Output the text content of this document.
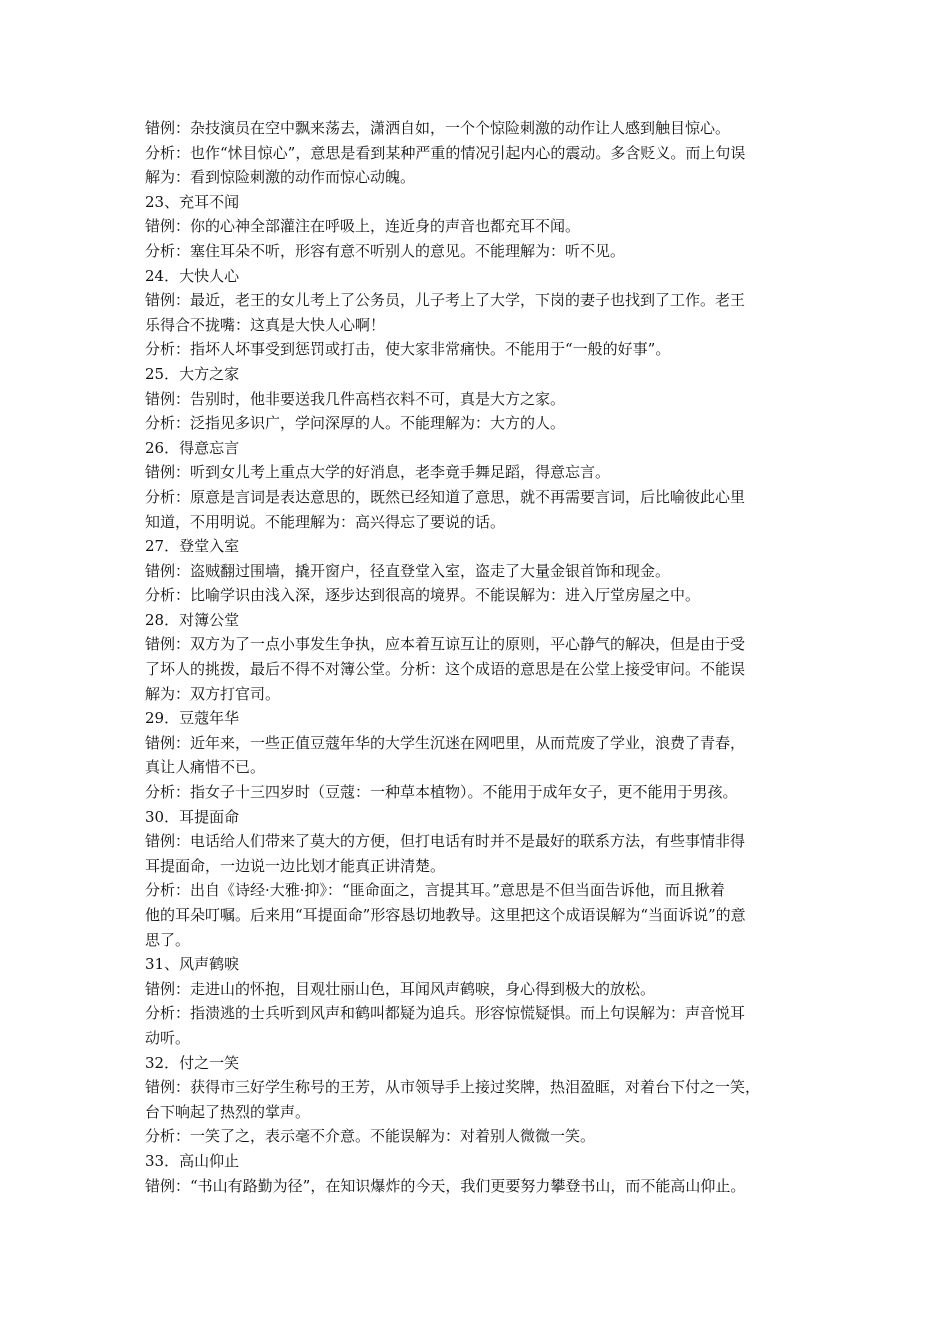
错例：杂技演员在空中飘来荡去，潇洒自如，一个个惊险刺激的动作让人感到触目惊心。

分析：也作“怵目惊心”，意思是看到某种严重的情况引起内心的震动。多含贬义。而上句误

解为：看到惊险刺激的动作而惊心动魄。

23、充耳不闻

错例：你的心神全部灌注在呼吸上，连近身的声音也都充耳不闻。

分析：塞住耳朵不听，形容有意不听别人的意见。不能理解为：听不见。

24．大快人心

错例：最近，老王的女儿考上了公务员，儿子考上了大学，下岗的妻子也找到了工作。老王

乐得合不拢嘴：这真是大快人心啊！

分析：指坏人坏事受到惩罚或打击，使大家非常痛快。不能用于“一般的好事”。

25．大方之家

错例：告别时，他非要送我几件高档衣料不可，真是大方之家。

分析：泛指见多识广，学问深厚的人。不能理解为：大方的人。

26．得意忘言

错例：听到女儿考上重点大学的好消息，老李竟手舞足蹈，得意忘言。

分析：原意是言词是表达意思的，既然已经知道了意思，就不再需要言词，后比喻彼此心里

知道，不用明说。不能理解为：高兴得忘了要说的话。

27．登堂入室

错例：盗贼翻过围墙，撬开窗户，径直登堂入室，盗走了大量金银首饰和现金。

分析：比喻学识由浅入深，逐步达到很高的境界。不能误解为：进入厅堂房屋之中。

28．对簿公堂

错例：双方为了一点小事发生争执，应本着互谅互让的原则，平心静气的解决，但是由于受

了坏人的挑拨，最后不得不对簿公堂。分析：这个成语的意思是在公堂上接受审问。不能误

解为：双方打官司。

29．豆蔻年华

错例：近年来，一些正值豆蔻年华的大学生沉迷在网吧里，从而荒废了学业，浪费了青春，

真让人痛惜不已。

分析：指女子十三四岁时（豆蔻：一种草本植物）。不能用于成年女子，更不能用于男孩。

30．耳提面命

错例：电话给人们带来了莫大的方便，但打电话有时并不是最好的联系方法，有些事情非得

耳提面命，一边说一边比划才能真正讲清楚。

分析：出自《诗经·大雅·抑》：“匪命面之，言提其耳。”意思是不但当面告诉他，而且揪着

他的耳朵叮嘱。后来用“耳提面命”形容恳切地教导。这里把这个成语误解为“当面诉说”的意

思了。

31、风声鹤唳

错例：走进山的怀抱，目观壮丽山色，耳闻风声鹤唳，身心得到极大的放松。

分析：指溃逃的士兵听到风声和鹤叫都疑为追兵。形容惊慌疑惧。而上句误解为：声音悦耳

动听。

32．付之一笑

错例：获得市三好学生称号的王芳，从市领导手上接过奖牌，热泪盈眶，对着台下付之一笑，

台下响起了热烈的掌声。

分析：一笑了之，表示毫不介意。不能误解为：对着别人微微一笑。

33．高山仰止

错例：“书山有路勤为径”，在知识爆炸的今天，我们更要努力攀登书山，而不能高山仰止。
